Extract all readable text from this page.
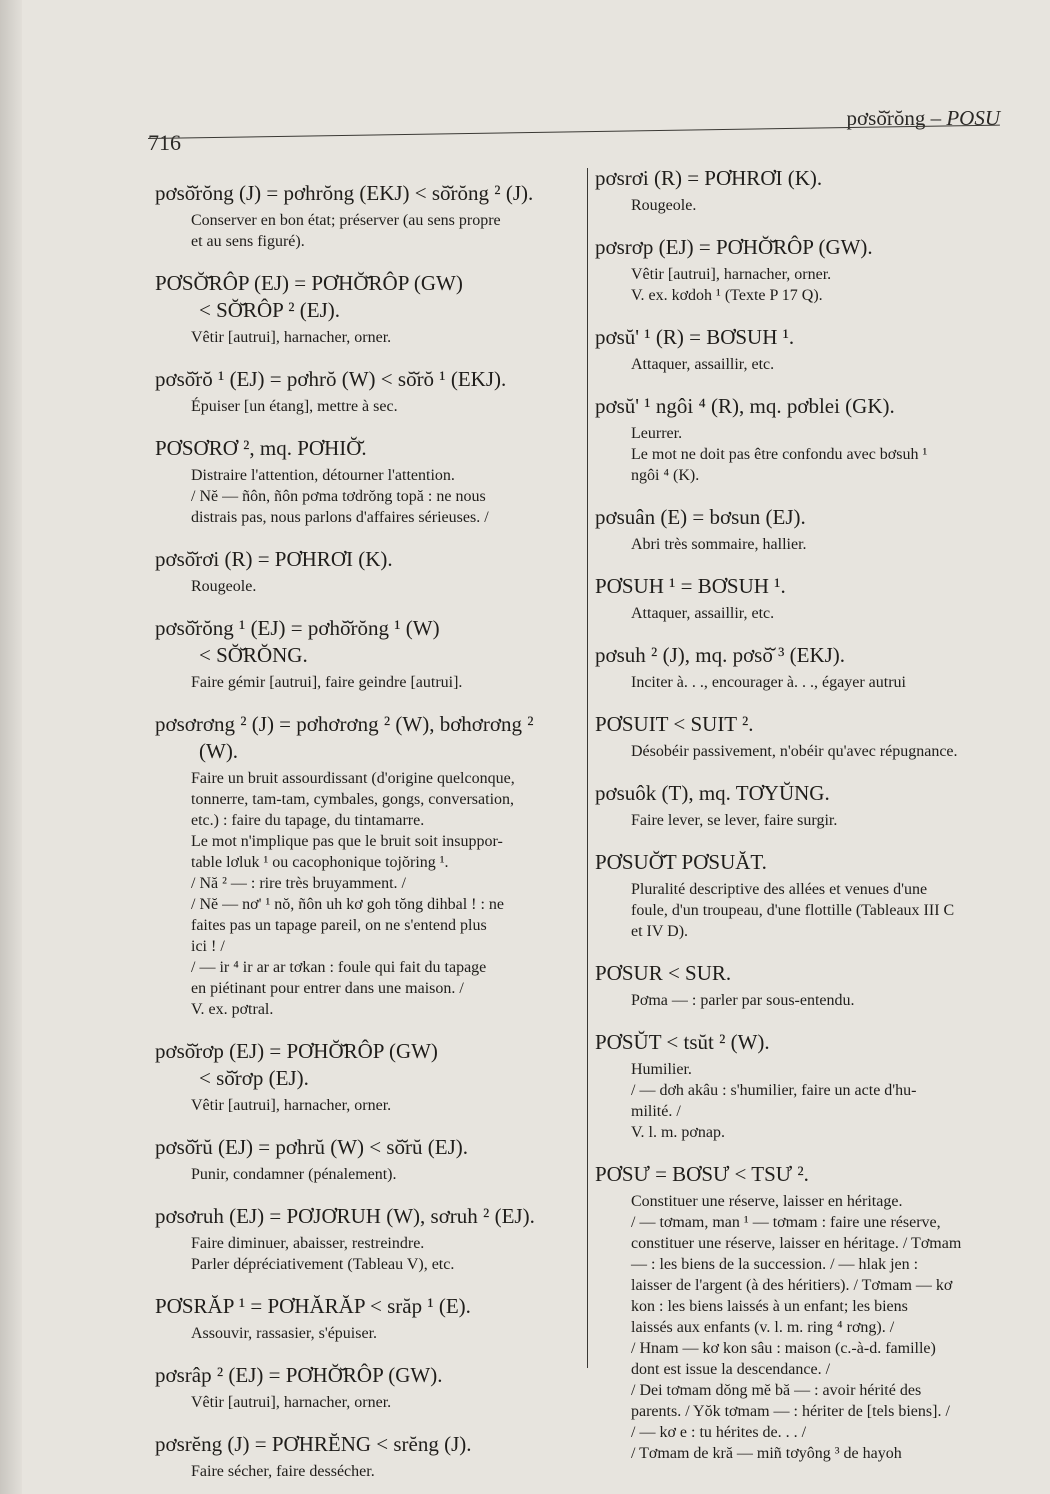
716
pơsŏ̆rŏng – POSU
pơsŏ̆rŏng (J) = pơhrŏng (EKJ) < sŏ̆rŏng ² (J).
Conserver en bon état; préserver (au sens propre
et au sens figuré).
PƠSŎ̆RÔP (EJ) = PƠHŎ̆RÔP (GW)
< SŎ̆RÔP ² (EJ).
Vêtir [autrui], harnacher, orner.
pơsŏ̆rŏ ¹ (EJ) = pơhrŏ (W) < sŏ̆rŏ ¹ (EKJ).
Épuiser [un étang], mettre à sec.
PƠSƠRƠ ², mq. PƠHIŎ̆.
Distraire l'attention, détourner l'attention.
/ Nĕ — ñôn, ñôn pơma tơdrŏng topă : ne nous
distrais pas, nous parlons d'affaires sérieuses. /
pơsŏ̆rơi (R) = PƠHRƠI (K).
Rougeole.
pơsŏ̆rŏng ¹ (EJ) = pơhŏ̆rŏng ¹ (W)
< SŎ̆RŎNG.
Faire gémir [autrui], faire geindre [autrui].
pơsơrơng ² (J) = pơhơrơng ² (W), bơhơrơng ²
(W).
Faire un bruit assourdissant (d'origine quelconque,
tonnerre, tam-tam, cymbales, gongs, conversation,
etc.) : faire du tapage, du tintamarre.
Le mot n'implique pas que le bruit soit insuppor-
table lơluk ¹ ou cacophonique tojŏring ¹.
/ Nă ² — : rire très bruyamment. /
/ Nĕ — nơ' ¹ nŏ, ñôn uh kơ goh tŏng dihbal ! : ne
faites pas un tapage pareil, on ne s'entend plus
ici ! /
/ — ir ⁴ ir ar ar tơkan : foule qui fait du tapage
en piétinant pour entrer dans une maison. /
V. ex. pơtral.
pơsŏ̆rơp (EJ) = PƠHŎ̆RÔP (GW)
< sŏ̆rơp (EJ).
Vêtir [autrui], harnacher, orner.
pơsŏ̆rŭ (EJ) = pơhrŭ (W) < sŏ̆rŭ (EJ).
Punir, condamner (pénalement).
pơsơruh (EJ) = PƠJƠRUH (W), sơruh ² (EJ).
Faire diminuer, abaisser, restreindre.
Parler dépréciativement (Tableau V), etc.
PƠSRĂP ¹ = PƠHĂRĂP < srăp ¹ (E).
Assouvir, rassasier, s'épuiser.
pơsrâp ² (EJ) = PƠHŎ̆RÔP (GW).
Vêtir [autrui], harnacher, orner.
pơsrĕng (J) = PƠHRĔNG < srĕng (J).
Faire sécher, faire dessécher.
pơsrơi (R) = PƠHRƠI (K).
Rougeole.
pơsrơp (EJ) = PƠHŎ̆RÔP (GW).
Vêtir [autrui], harnacher, orner.
V. ex. kơdoh ¹ (Texte P 17 Q).
pơsŭ' ¹ (R) = BƠSUH ¹.
Attaquer, assaillir, etc.
pơsŭ' ¹ ngôi ⁴ (R), mq. pơblei (GK).
Leurrer.
Le mot ne doit pas être confondu avec bơsuh ¹
ngôi ⁴ (K).
pơsuân (E) = bơsun (EJ).
Abri très sommaire, hallier.
PƠSUH ¹ = BƠSUH ¹.
Attaquer, assaillir, etc.
pơsuh ² (J), mq. pơsŏ̆ ³ (EKJ).
Inciter à. . ., encourager à. . ., égayer autrui
PƠSUIT < SUIT ².
Désobéir passivement, n'obéir qu'avec répugnance.
pơsuôk (T), mq. TƠYŬNG.
Faire lever, se lever, faire surgir.
PƠSUŎ̆T PƠSUĂT.
Pluralité descriptive des allées et venues d'une
foule, d'un troupeau, d'une flottille (Tableaux III C
et IV D).
PƠSUR < SUR.
Pơma — : parler par sous-entendu.
PƠSŬT < tsŭt ² (W).
Humilier.
/ — dơh akâu : s'humilier, faire un acte d'hu-
milité. /
V. l. m. pơnap.
PƠSƯ = BƠSƯ < TSƯ ².
Constituer une réserve, laisser en héritage.
/ — tơmam, man ¹ — tơmam : faire une réserve,
constituer une réserve, laisser en héritage. / Tơmam
— : les biens de la succession. / — hlak jen :
laisser de l'argent (à des héritiers). / Tơmam — kơ
kon : les biens laissés à un enfant; les biens
laissés aux enfants (v. l. m. ring ⁴ rơng). /
/ Hnam — kơ kon sâu : maison (c.-à-d. famille)
dont est issue la descendance. /
/ Dei tơmam dŏng mĕ bă — : avoir hérité des
parents. / Yŏk tơmam — : hériter de [tels biens]. /
/ — kơ e : tu hérites de. . . /
/ Tơmam de kră — miñ tơyông ³ de hayoh
